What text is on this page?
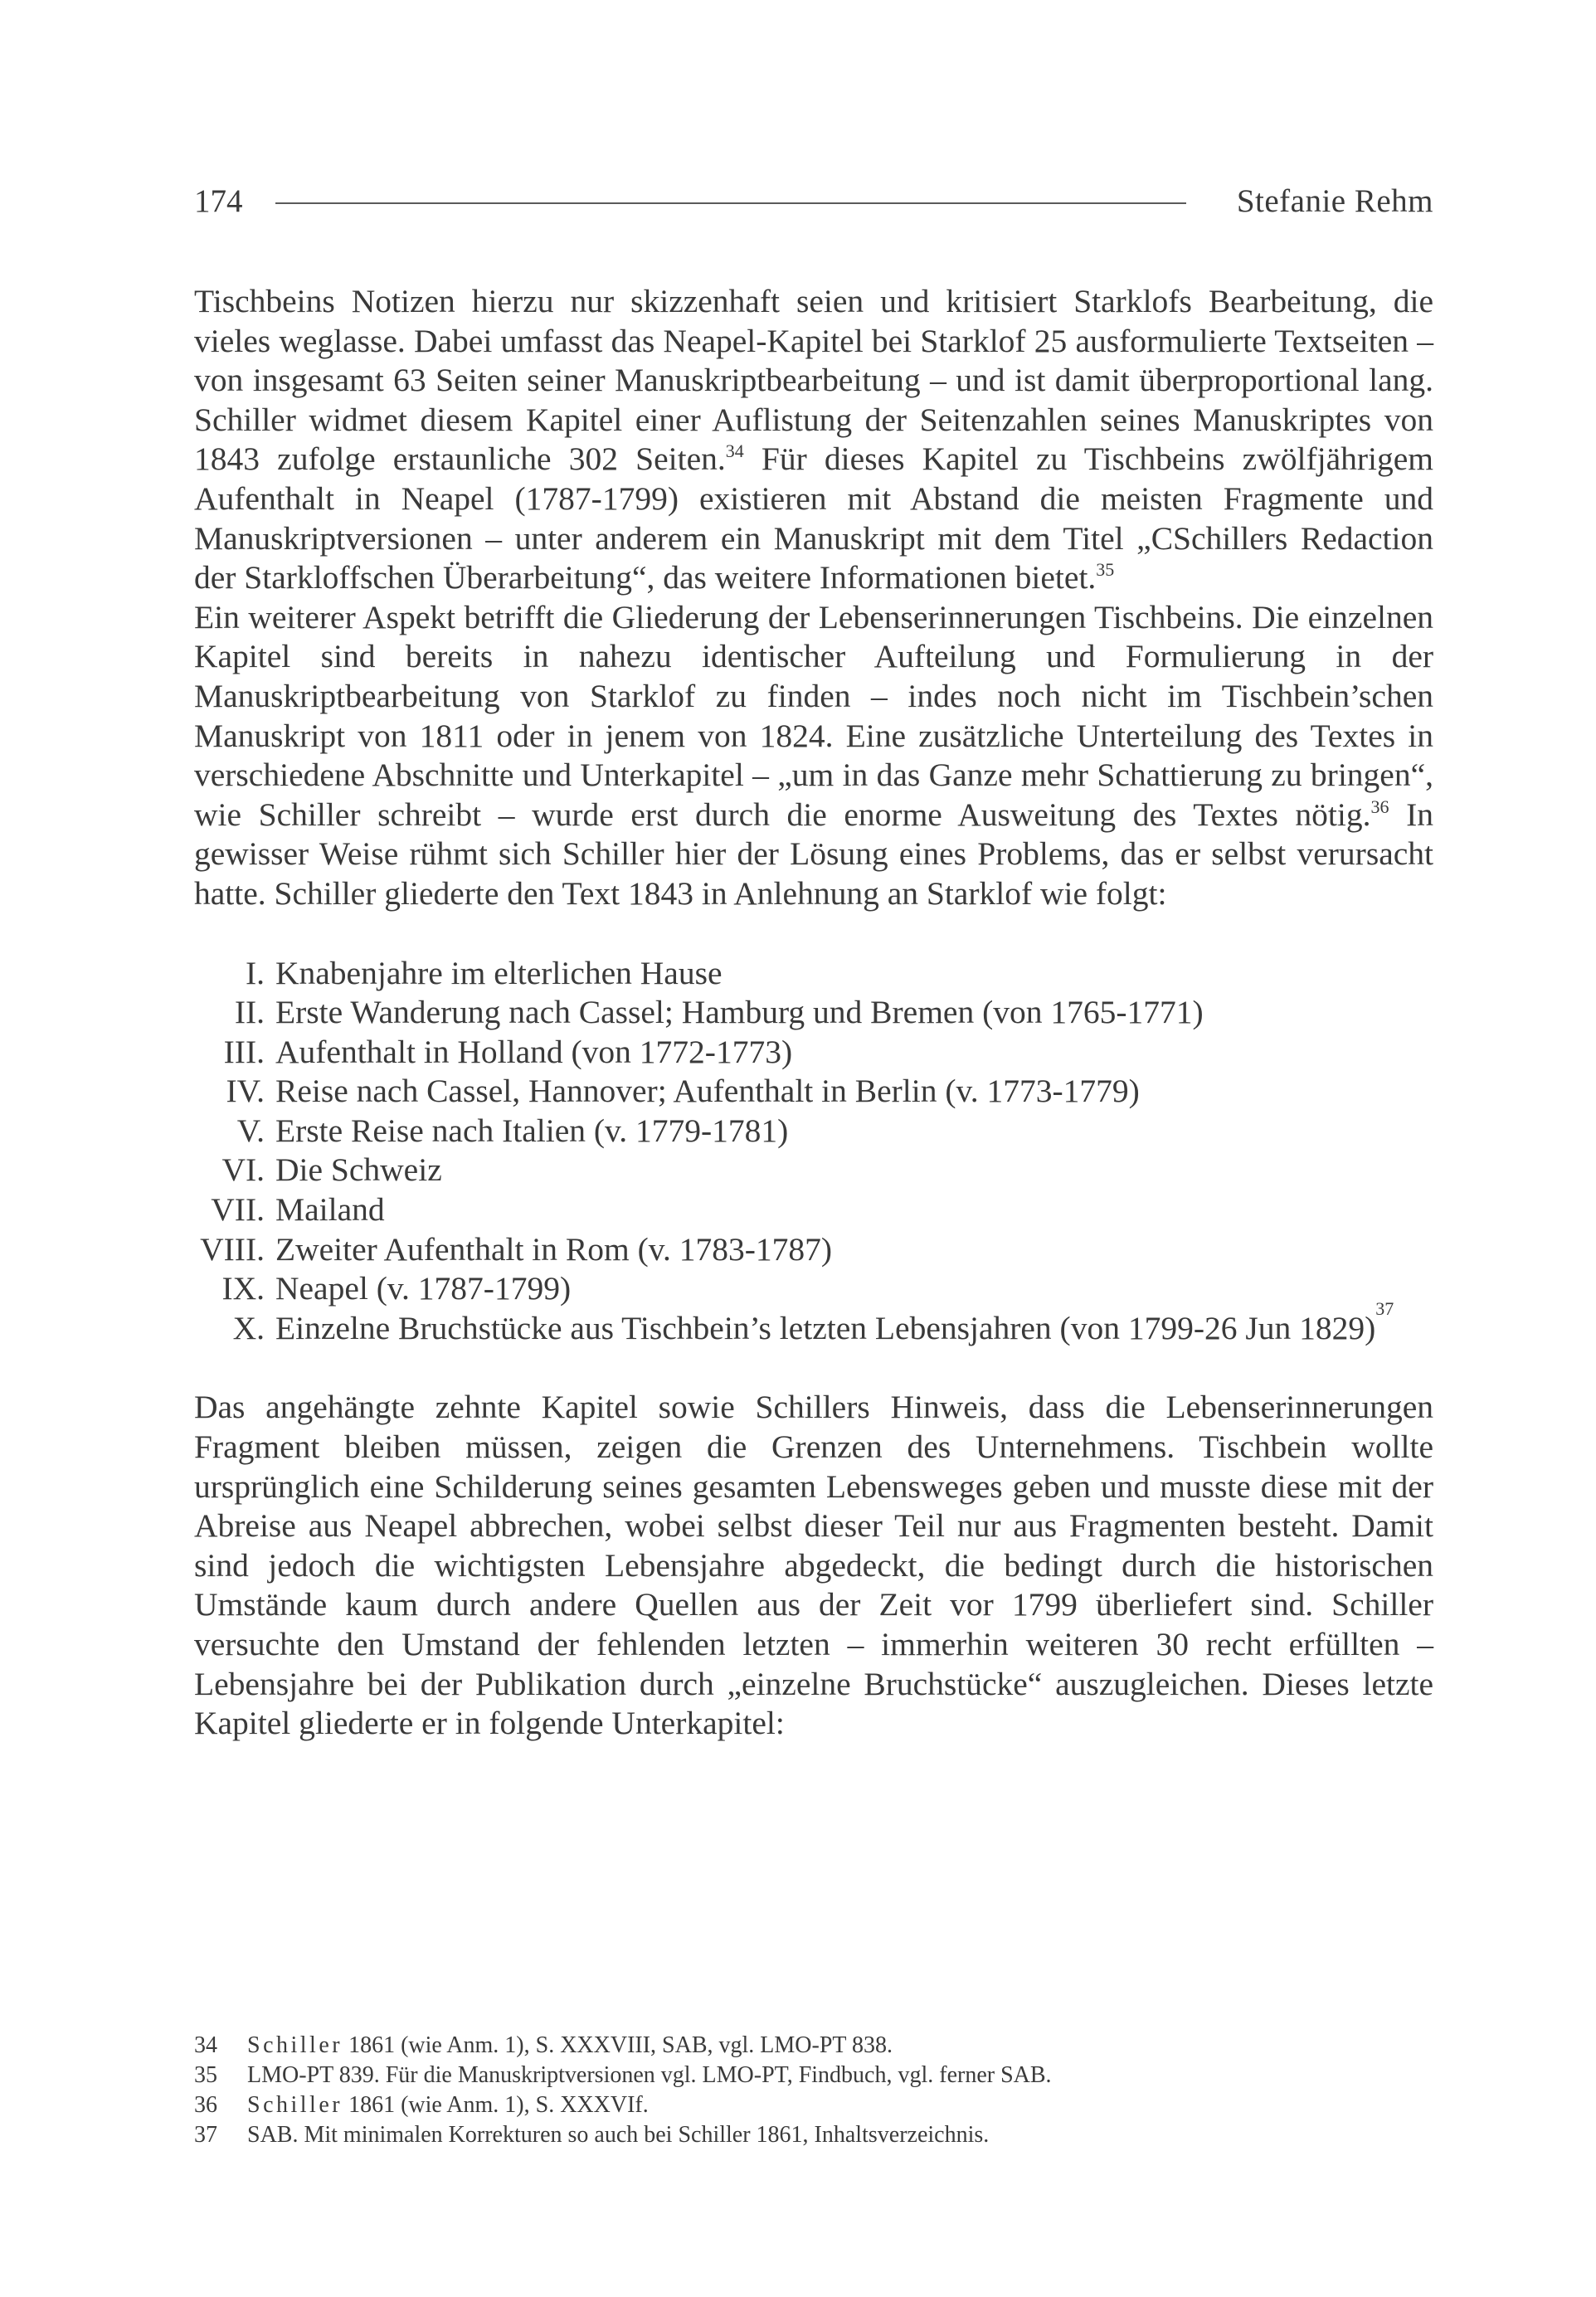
174	Stefanie Rehm

Tischbeins Notizen hierzu nur skizzenhaft seien und kritisiert Starklofs Bearbeitung, die vieles weglasse. Dabei umfasst das Neapel-Kapitel bei Starklof 25 ausformulierte Textseiten – von insgesamt 63 Seiten seiner Manuskriptbearbeitung – und ist damit überproportional lang. Schiller widmet diesem Kapitel einer Auflistung der Seitenzahlen seines Manuskriptes von 1843 zufolge erstaunliche 302 Seiten.$^{34}$ Für dieses Kapitel zu Tischbeins zwölfjährigem Aufenthalt in Neapel (1787-1799) existieren mit Abstand die meisten Fragmente und Manuskriptversionen – unter anderem ein Manuskript mit dem Titel „CSchillers Redaction der Starkloffschen Überarbeitung“, das weitere Informationen bietet.$^{35}$

Ein weiterer Aspekt betrifft die Gliederung der Lebenserinnerungen Tischbeins. Die einzelnen Kapitel sind bereits in nahezu identischer Aufteilung und Formulierung in der Manuskriptbearbeitung von Starklof zu finden – indes noch nicht im Tischbein’schen Manuskript von 1811 oder in jenem von 1824. Eine zusätzliche Unterteilung des Textes in verschiedene Abschnitte und Unterkapitel – „um in das Ganze mehr Schattierung zu bringen“, wie Schiller schreibt – wurde erst durch die enorme Ausweitung des Textes nötig.$^{36}$ In gewisser Weise rühmt sich Schiller hier der Lösung eines Problems, das er selbst verursacht hatte. Schiller gliederte den Text 1843 in Anlehnung an Starklof wie folgt:

I. Knabenjahre im elterlichen Hause
II. Erste Wanderung nach Cassel; Hamburg und Bremen (von 1765-1771)
III. Aufenthalt in Holland (von 1772-1773)
IV. Reise nach Cassel, Hannover; Aufenthalt in Berlin (v. 1773-1779)
V. Erste Reise nach Italien (v. 1779-1781)
VI. Die Schweiz
VII. Mailand
VIII. Zweiter Aufenthalt in Rom (v. 1783-1787)
IX. Neapel (v. 1787-1799)
X. Einzelne Bruchstücke aus Tischbein’s letzten Lebensjahren (von 1799-26 Jun 1829)
37

Das angehängte zehnte Kapitel sowie Schillers Hinweis, dass die Lebenserinnerungen Fragment bleiben müssen, zeigen die Grenzen des Unternehmens. Tischbein wollte ursprünglich eine Schilderung seines gesamten Lebensweges geben und musste diese mit der Abreise aus Neapel abbrechen, wobei selbst dieser Teil nur aus Fragmenten besteht. Damit sind jedoch die wichtigsten Lebensjahre abgedeckt, die bedingt durch die historischen Umstände kaum durch andere Quellen aus der Zeit vor 1799 überliefert sind. Schiller versuchte den Umstand der fehlenden letzten – immerhin weiteren 30 recht erfüllten – Lebensjahre bei der Publikation durch „einzelne Bruchstücke“ auszugleichen. Dieses letzte Kapitel gliederte er in folgende Unterkapitel:

34	Schiller 1861 (wie Anm. 1), S. XXXVIII, SAB, vgl. LMO-PT 838.
35	LMO-PT 839. Für die Manuskriptversionen vgl. LMO-PT, Findbuch, vgl. ferner SAB.
36	Schiller 1861 (wie Anm. 1), S. XXXVIf.
37	SAB. Mit minimalen Korrekturen so auch bei Schiller 1861, Inhaltsverzeichnis.
